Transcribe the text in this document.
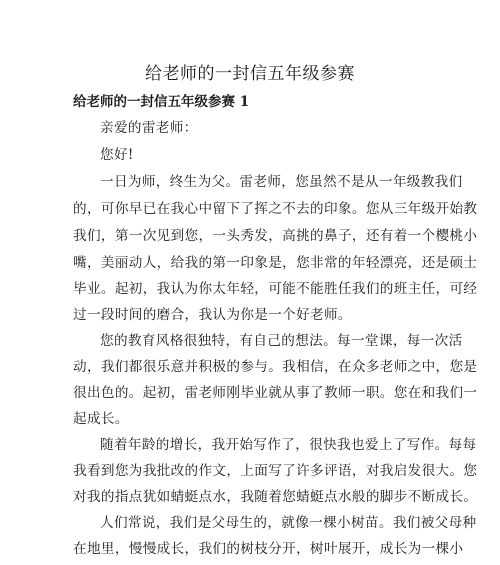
给老师的一封信五年级参赛
给老师的一封信五年级参赛 1
亲爱的雷老师：
您好!
一日为师，终生为父。雷老师，您虽然不是从一年级教我们
的，可你早已在我心中留下了挥之不去的印象。您从三年级开始教
我们，第一次见到您，一头秀发，高挑的鼻子，还有着一个樱桃小
嘴，美丽动人，给我的第一印象是，您非常的年轻漂亮，还是硕士
毕业。起初，我认为你太年轻，可能不能胜任我们的班主任，可经
过一段时间的磨合，我认为你是一个好老师。
您的教育风格很独特，有自己的想法。每一堂课，每一次活
动，我们都很乐意并积极的参与。我相信，在众多老师之中，您是
很出色的。起初，雷老师刚毕业就从事了教师一职。您在和我们一
起成长。
随着年龄的增长，我开始写作了，很快我也爱上了写作。每每
我看到您为我批改的作文，上面写了许多评语，对我启发很大。您
对我的指点犹如蜻蜓点水，我随着您蜻蜓点水般的脚步不断成长。
人们常说，我们是父母生的，就像一棵小树苗。我们被父母种
在地里，慢慢成长，我们的树枝分开，树叶展开，成长为一棵小
